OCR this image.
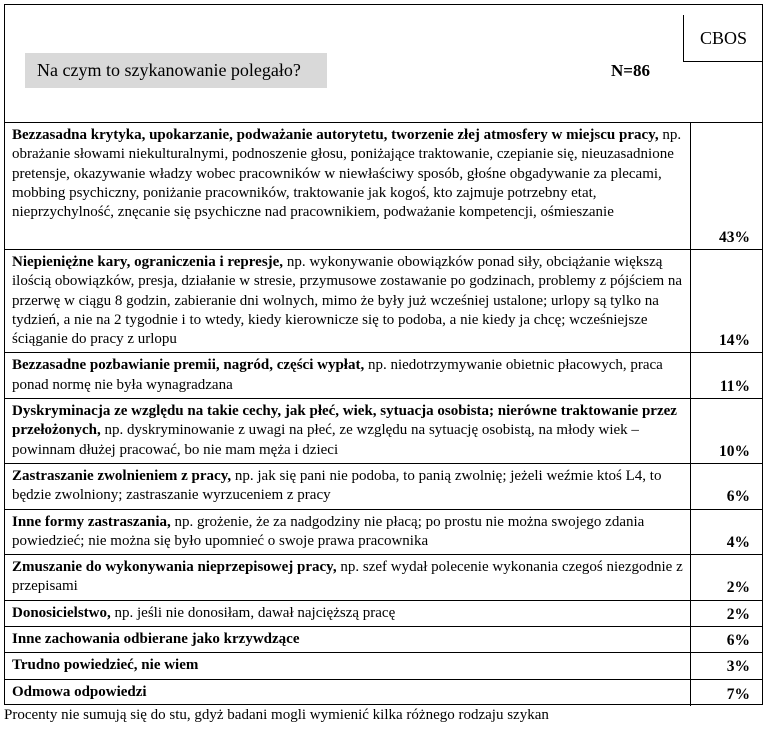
CBOS
Na czym to szykanowanie polegało?	N=86
Bezzasadna krytyka, upokarzanie, podważanie autorytetu, tworzenie złej atmosfery w miejscu pracy, np. obrażanie słowami niekulturalnymi, podnoszenie głosu, poniżające traktowanie, czepianie się, nieuzasadnione pretensje, okazywanie władzy wobec pracowników w niewłaściwy sposób, głośne obgadywanie za plecami, mobbing psychiczny, poniżanie pracowników, traktowanie jak kogoś, kto zajmuje potrzebny etat, nieprzychylność, znęcanie się psychiczne nad pracownikiem, podważanie kompetencji, ośmieszanie	43%
Niepieniężne kary, ograniczenia i represje, np. wykonywanie obowiązków ponad siły, obciążanie większą ilością obowiązków, presja, działanie w stresie, przymusowe zostawanie po godzinach, problemy z pójściem na przerwę w ciągu 8 godzin, zabieranie dni wolnych, mimo że były już wcześniej ustalone; urlopy są tylko na tydzień, a nie na 2 tygodnie i to wtedy, kiedy kierownicze się to podoba, a nie kiedy ja chcę; wcześniejsze ściąganie do pracy z urlopu	14%
Bezzasadne pozbawianie premii, nagród, części wypłat, np. niedotrzymywanie obietnic płacowych, praca ponad normę nie była wynagradzana	11%
Dyskryminacja ze względu na takie cechy, jak płeć, wiek, sytuacja osobista; nierówne traktowanie przez przełożonych, np. dyskryminowanie z uwagi na płeć, ze względu na sytuację osobistą, na młody wiek – powinnam dłużej pracować, bo nie mam męża i dzieci	10%
Zastraszanie zwolnieniem z pracy, np. jak się pani nie podoba, to panią zwolnię; jeżeli weźmie ktoś L4, to będzie zwolniony; zastraszanie wyrzuceniem z pracy	6%
Inne formy zastraszania, np. grożenie, że za nadgodziny nie płacą; po prostu nie można swojego zdania powiedzieć; nie można się było upomnieć o swoje prawa pracownika	4%
Zmuszanie do wykonywania nieprzepisowej pracy, np. szef wydał polecenie wykonania czegoś niezgodnie z przepisami	2%
Donosicielstwo, np. jeśli nie donosiłam, dawał najcięższą pracę	2%
Inne zachowania odbierane jako krzywdzące	6%
Trudno powiedzieć, nie wiem	3%
Odmowa odpowiedzi	7%
Procenty nie sumują się do stu, gdyż badani mogli wymienić kilka różnego rodzaju szykan
